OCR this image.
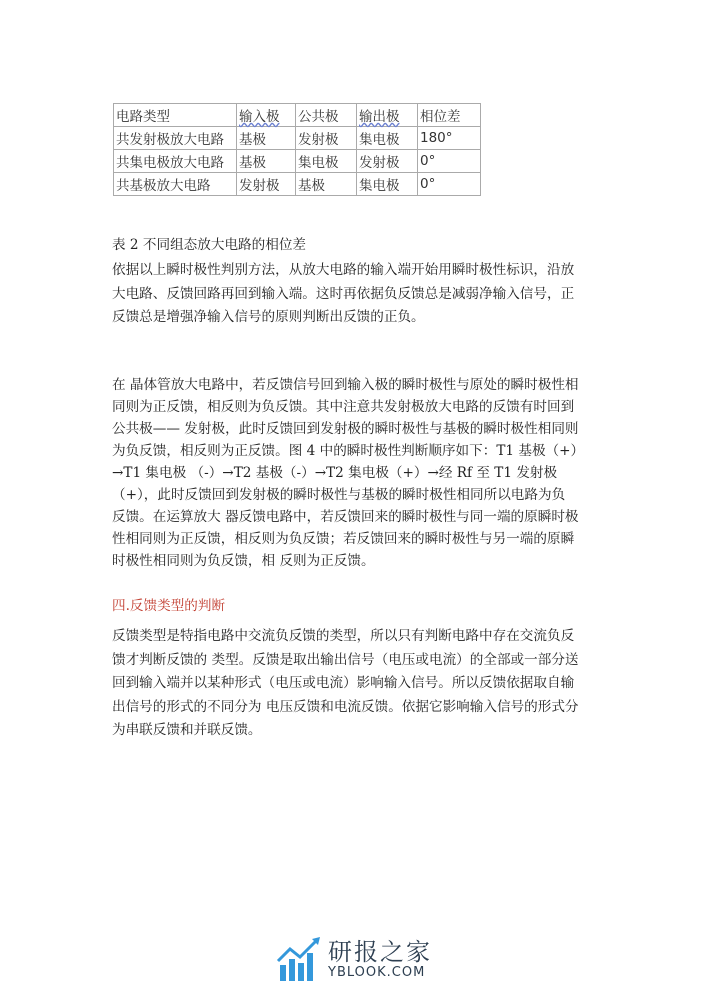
电路类型	输入极	公共极	输出极	相位差
共发射极放大电路	基极	发射极	集电极	180°
共集电极放大电路	基极	集电极	发射极	0°
共基极放大电路	发射极	基极	集电极	0°
表 2 不同组态放大电路的相位差
依据以上瞬时极性判别方法，从放大电路的输入端开始用瞬时极性标识，沿放
大电路、反馈回路再回到输入端。这时再依据负反馈总是减弱净输入信号，正
反馈总是增强净输入信号的原则判断出反馈的正负。
在 晶体管放大电路中，若反馈信号回到输入极的瞬时极性与原处的瞬时极性相
同则为正反馈，相反则为负反馈。其中注意共发射极放大电路的反馈有时回到
公共极—— 发射极，此时反馈回到发射极的瞬时极性与基极的瞬时极性相同则
为负反馈，相反则为正反馈。图 4 中的瞬时极性判断顺序如下：T1 基极（+）
→T1 集电极 （-）→T2 基极（-）→T2 集电极（+）→经 Rf 至 T1 发射极
（+），此时反馈回到发射极的瞬时极性与基极的瞬时极性相同所以电路为负
反馈。在运算放大 器反馈电路中，若反馈回来的瞬时极性与同一端的原瞬时极
性相同则为正反馈，相反则为负反馈；若反馈回来的瞬时极性与另一端的原瞬
时极性相同则为负反馈，相 反则为正反馈。
四.反馈类型的判断
反馈类型是特指电路中交流负反馈的类型，所以只有判断电路中存在交流负反
馈才判断反馈的 类型。反馈是取出输出信号（电压或电流）的全部或一部分送
回到输入端并以某种形式（电压或电流）影响输入信号。所以反馈依据取自输
出信号的形式的不同分为 电压反馈和电流反馈。依据它影响输入信号的形式分
为串联反馈和并联反馈。
研报之家
YBLOOK.COM
